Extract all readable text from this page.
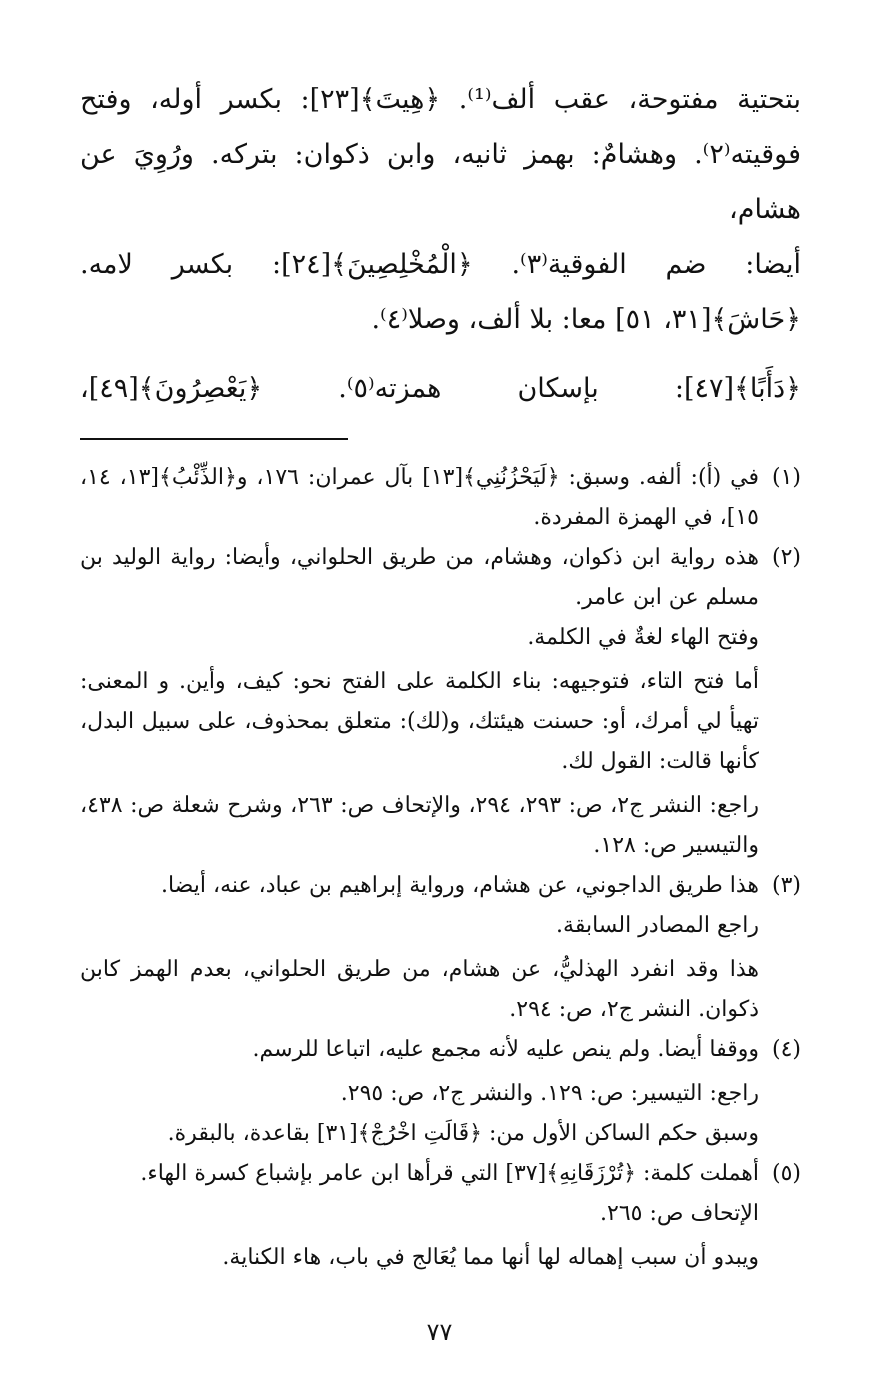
بتحتية مفتوحة، عقب ألف⁽¹⁾. ﴿هِيتَ﴾[٢٣]: بكسر أوله، وفتح

فوقيته⁽٢⁾. وهشامٌ: بهمز ثانيه، وابن ذكوان: بتركه. ورُوِيَ عن هشام،

أيضا: ضم الفوقية⁽٣⁾. ﴿الْمُخْلِصِينَ﴾[٢٤]: بكسر لامه.

﴿حَاشَ﴾[٣١، ٥١] معا: بلا ألف، وصلا⁽٤⁾.

﴿دَأَبًا﴾[٤٧]: بإسكان همزته⁽٥⁾. ﴿يَعْصِرُونَ﴾[٤٩]،

(١)

في (أ): ألفه. وسبق: ﴿لَيَحْزُنُنِي﴾[١٣] بآل عمران: ١٧٦، و﴿الذِّئْبُ﴾[١٣، ١٤، ١٥]، في الهمزة المفردة.

(٢)

هذه رواية ابن ذكوان، وهشام، من طريق الحلواني، وأيضا: رواية الوليد بن مسلم عن ابن عامر.

وفتح الهاء لغةٌ في الكلمة.

أما فتح التاء، فتوجيهه: بناء الكلمة على الفتح نحو: كيف، وأين. و المعنى: تهيأ لي أمرك، أو: حسنت هيئتك، و(لك): متعلق بمحذوف، على سبيل البدل، كأنها قالت: القول لك.

راجع: النشر ج٢، ص: ٢٩٣، ٢٩٤، والإتحاف ص: ٢٦٣، وشرح شعلة ص: ٤٣٨، والتيسير ص: ١٢٨.

(٣)

هذا طريق الداجوني، عن هشام، ورواية إبراهيم بن عباد، عنه، أيضا.

راجع المصادر السابقة.

هذا وقد انفرد الهذليُّ، عن هشام، من طريق الحلواني، بعدم الهمز كابن ذكوان. النشر ج٢، ص: ٢٩٤.

(٤)

ووقفا أيضا. ولم ينص عليه لأنه مجمع عليه، اتباعا للرسم.

راجع: التيسير: ص: ١٢٩. والنشر ج٢، ص: ٢٩٥.

وسبق حكم الساكن الأول من: ﴿قَالَتِ اخْرُجْ﴾[٣١] بقاعدة، بالبقرة.

(٥)

أهملت كلمة: ﴿تُرْزَقَانِهِ﴾[٣٧] التي قرأها ابن عامر بإشباع كسرة الهاء.

الإتحاف ص: ٢٦٥.

ويبدو أن سبب إهماله لها أنها مما يُعَالج في باب، هاء الكناية.

٧٧
